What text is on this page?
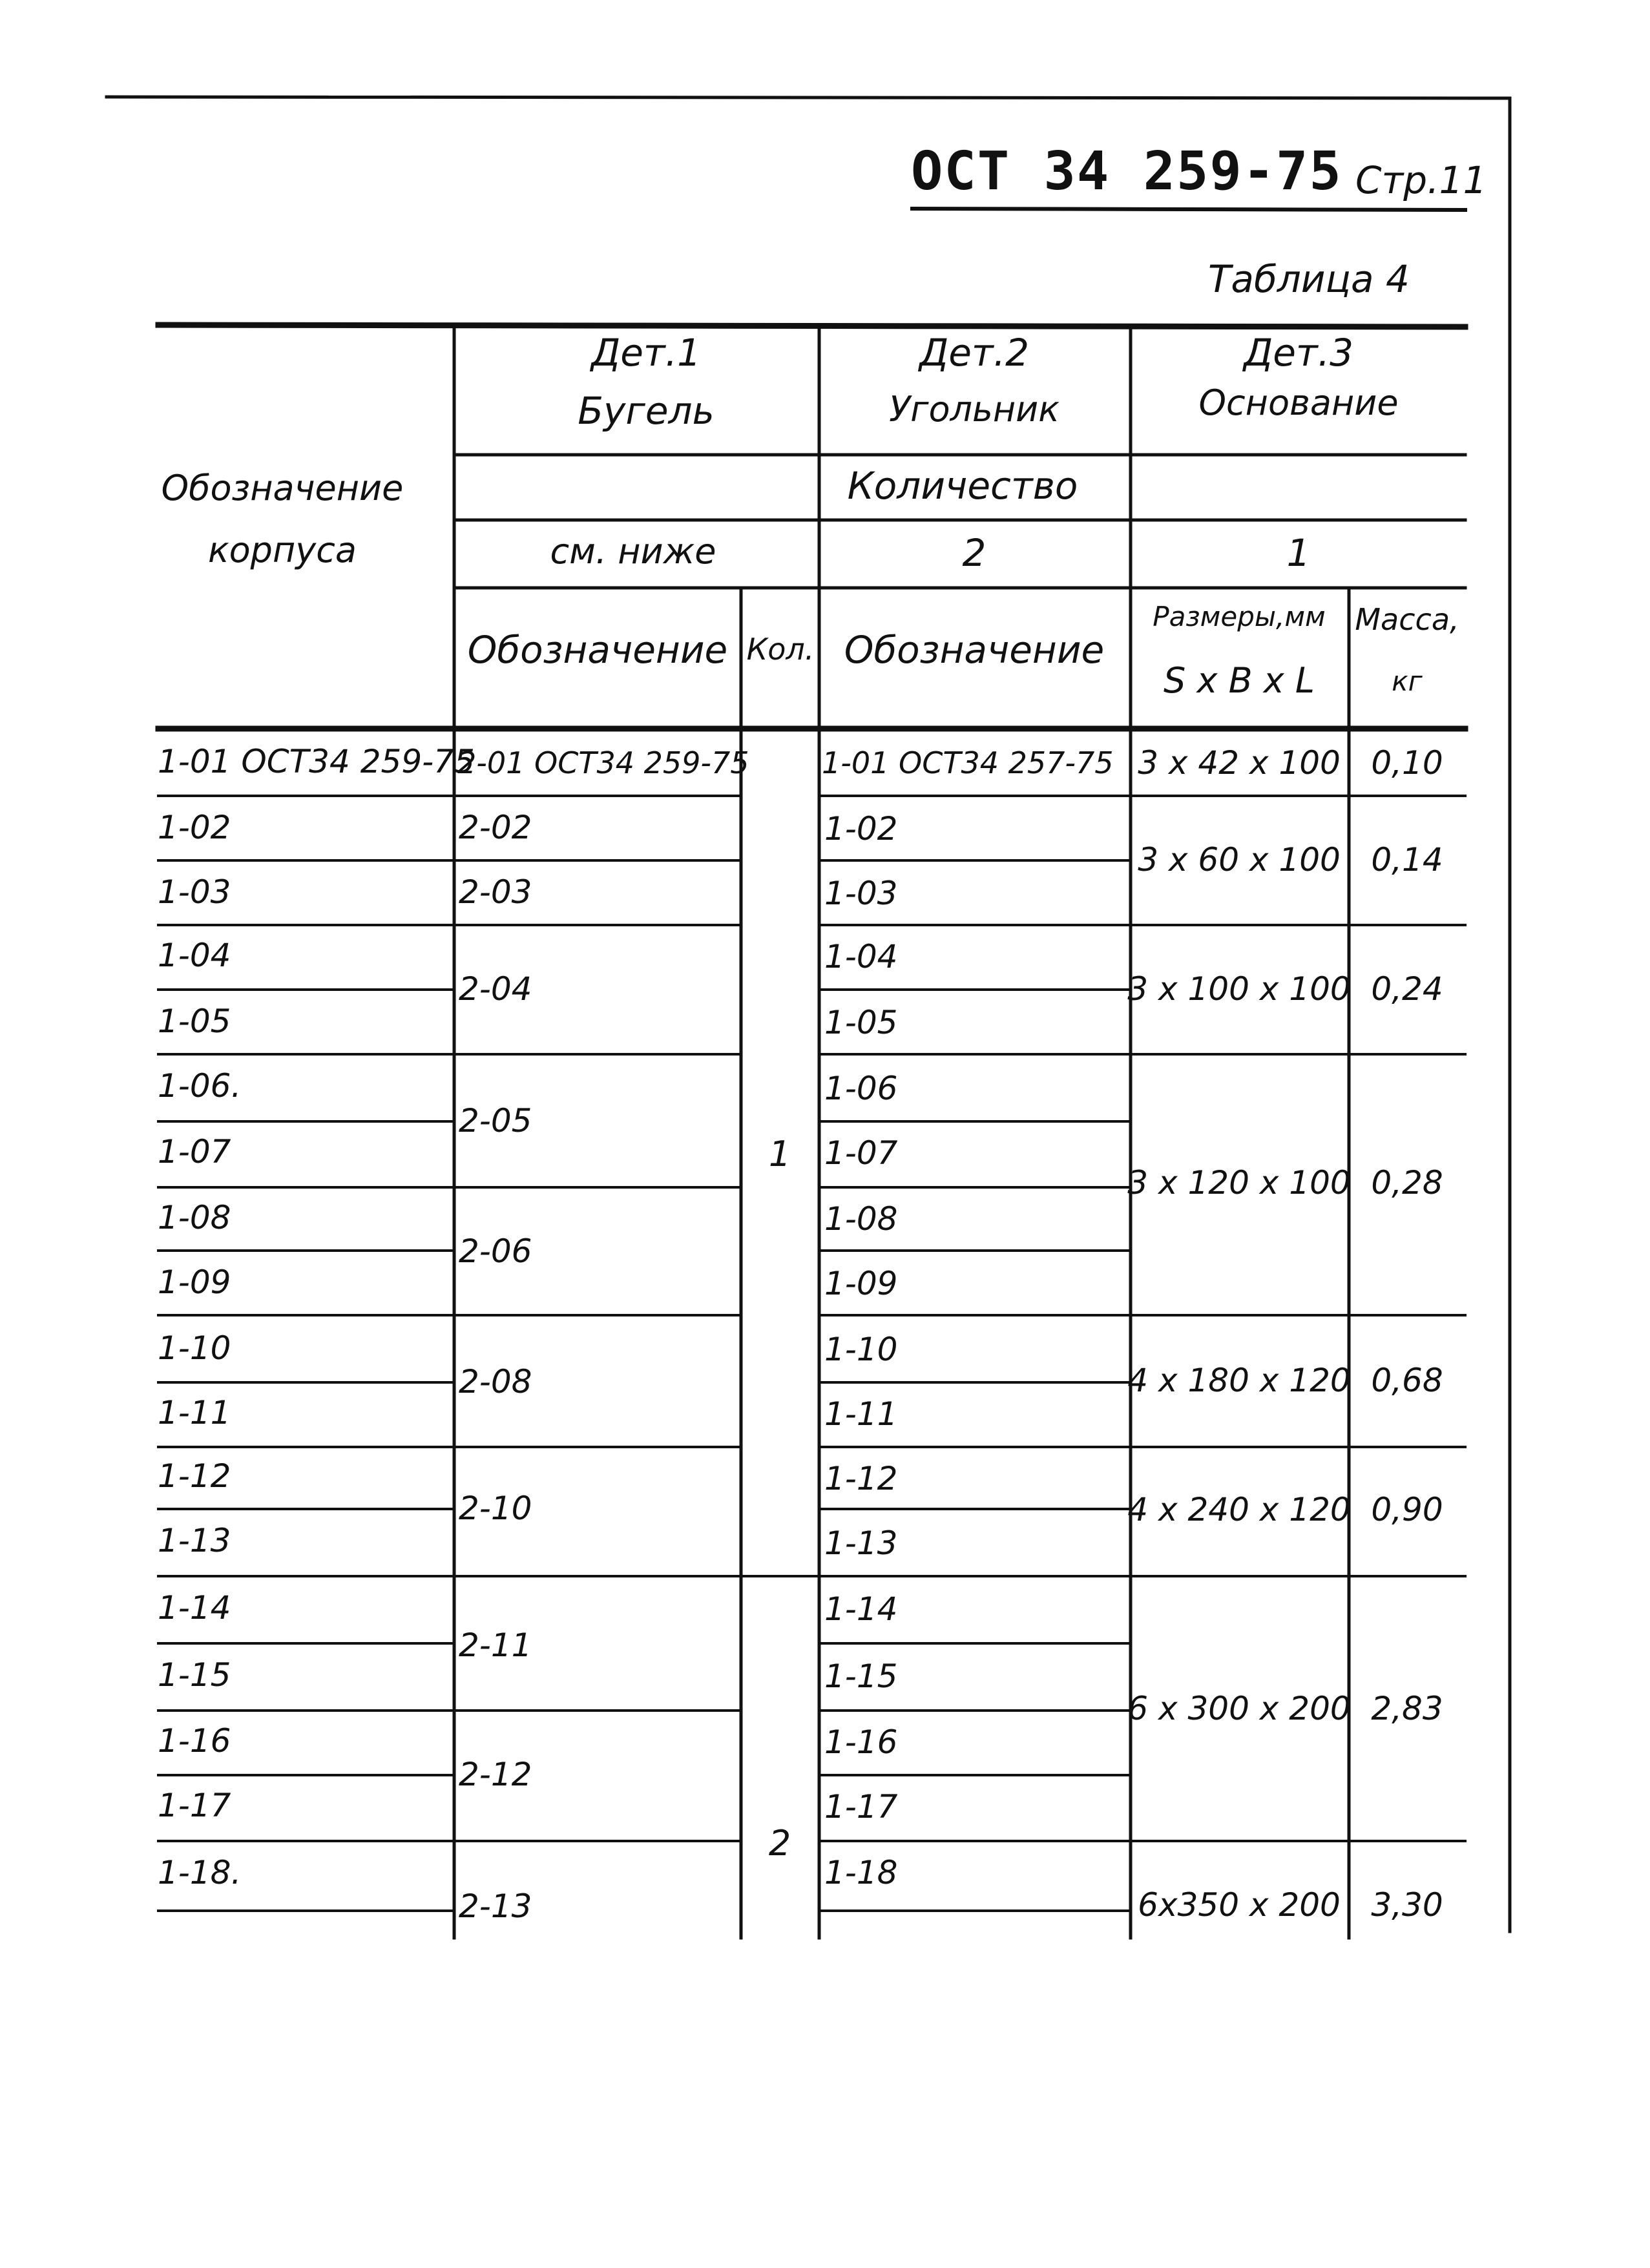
ОСТ 34 259-75 Стр.11
Таблица 4
Обозначение
корпуса
Дет.1
Бугель
Дет.2
Угольник
Дет.3
Основание
Количество
см. ниже	2	1
Обозначение Кол. Обозначение
Размеры,мм
S x B x L
Масса,
кг
1-01 ОСТ34 259-75
1-02
1-03
1-04
1-05
1-06.
1-07
1-08
1-09
1-10
1-11
1-12
1-13
1-14
1-15
1-16
1-17
1-18.
2-01 ОСТ34 259-75
2-02
2-03
2-04
2-05
2-06
2-08
2-10
2-11
2-12
2-13
1
2
1-01 ОСТ34 257-75
1-02
1-03
1-04
1-05
1-06
1-07
1-08
1-09
1-10
1-11
1-12
1-13
1-14
1-15
1-16
1-17
1-18
3 x 42 x 100 0,10
3 x 60 x 100 0,14
3 x 100 x 100 0,24
3 x 120 x 100 0,28
4 x 180 x 120 0,68
4 x 240 x 120 0,90
6 x 300 x 200 2,83
6x350 x 200 3,30
